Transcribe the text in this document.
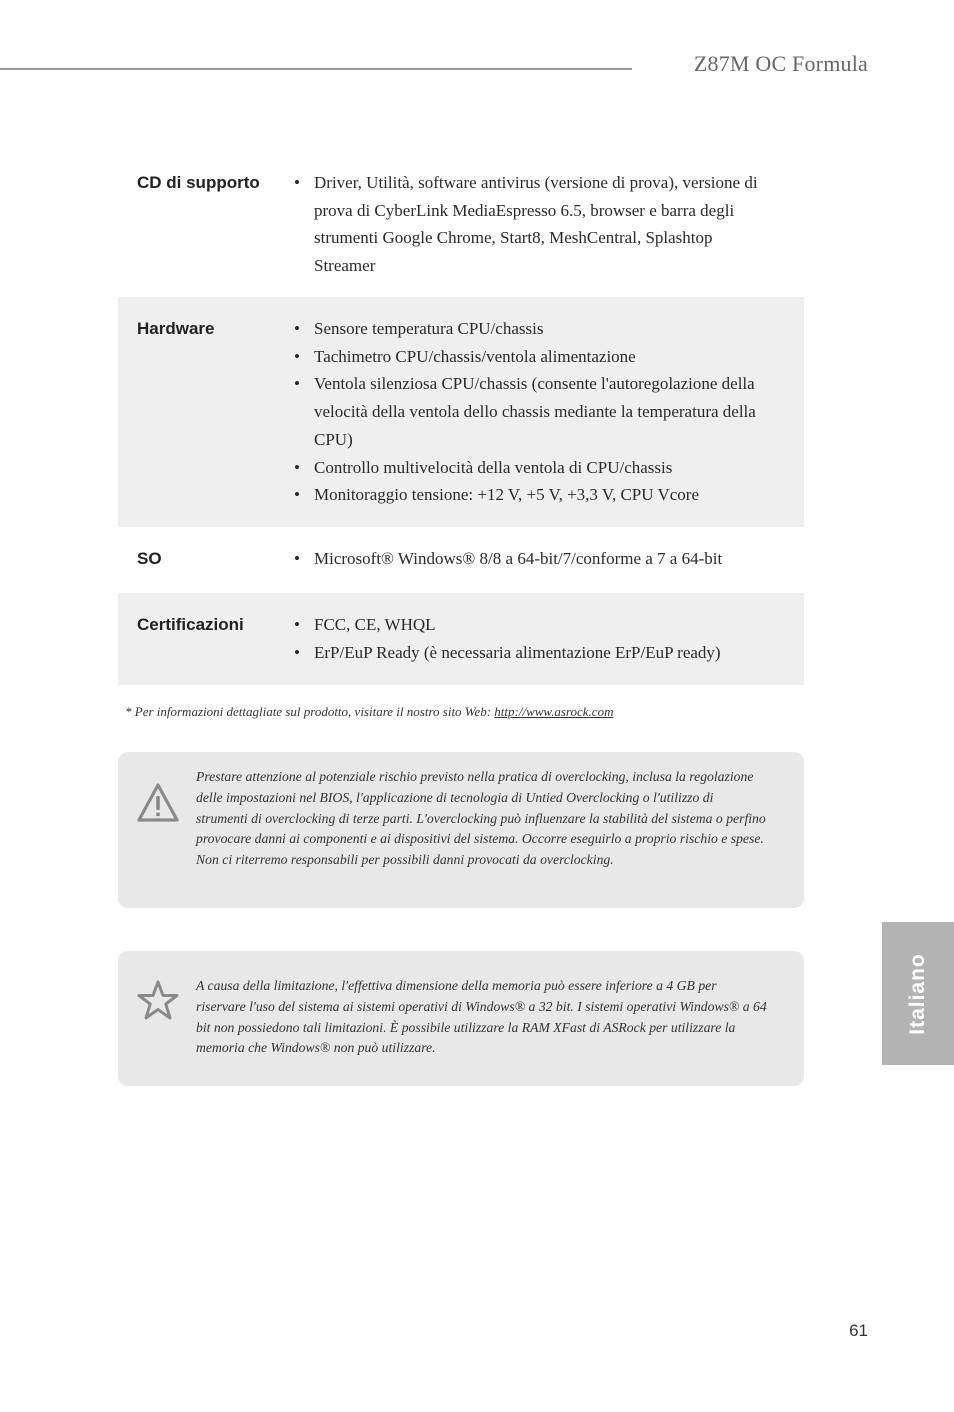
Z87M OC Formula
CD di supporto	• Driver, Utilità, software antivirus (versione di prova), versione di prova di CyberLink MediaEspresso 6.5, browser e barra degli strumenti Google Chrome, Start8, MeshCentral, Splashtop Streamer
Hardware	• Sensore temperatura CPU/chassis
• Tachimetro CPU/chassis/ventola alimentazione
• Ventola silenziosa CPU/chassis (consente l'autoregolazione della velocità della ventola dello chassis mediante la temperatura della CPU)
• Controllo multivelocità della ventola di CPU/chassis
• Monitoraggio tensione: +12 V, +5 V, +3,3 V, CPU Vcore
SO	• Microsoft® Windows® 8/8 a 64-bit/7/conforme a 7 a 64-bit
Certificazioni	• FCC, CE, WHQL
• ErP/EuP Ready (è necessaria alimentazione ErP/EuP ready)
* Per informazioni dettagliate sul prodotto, visitare il nostro sito Web: http://www.asrock.com
Prestare attenzione al potenziale rischio previsto nella pratica di overclocking, inclusa la regolazione delle impostazioni nel BIOS, l'applicazione di tecnologia di Untied Overclocking o l'utilizzo di strumenti di overclocking di terze parti. L'overclocking può influenzare la stabilità del sistema o perfino provocare danni ai componenti e ai dispositivi del sistema. Occorre eseguirlo a proprio rischio e spese. Non ci riterremo responsabili per possibili danni provocati da overclocking.
A causa della limitazione, l'effettiva dimensione della memoria può essere inferiore a 4 GB per riservare l'uso del sistema ai sistemi operativi di Windows® a 32 bit. I sistemi operativi Windows® a 64 bit non possiedono tali limitazioni. È possibile utilizzare la RAM XFast di ASRock per utilizzare la memoria che Windows® non può utilizzare.
Italiano
61
